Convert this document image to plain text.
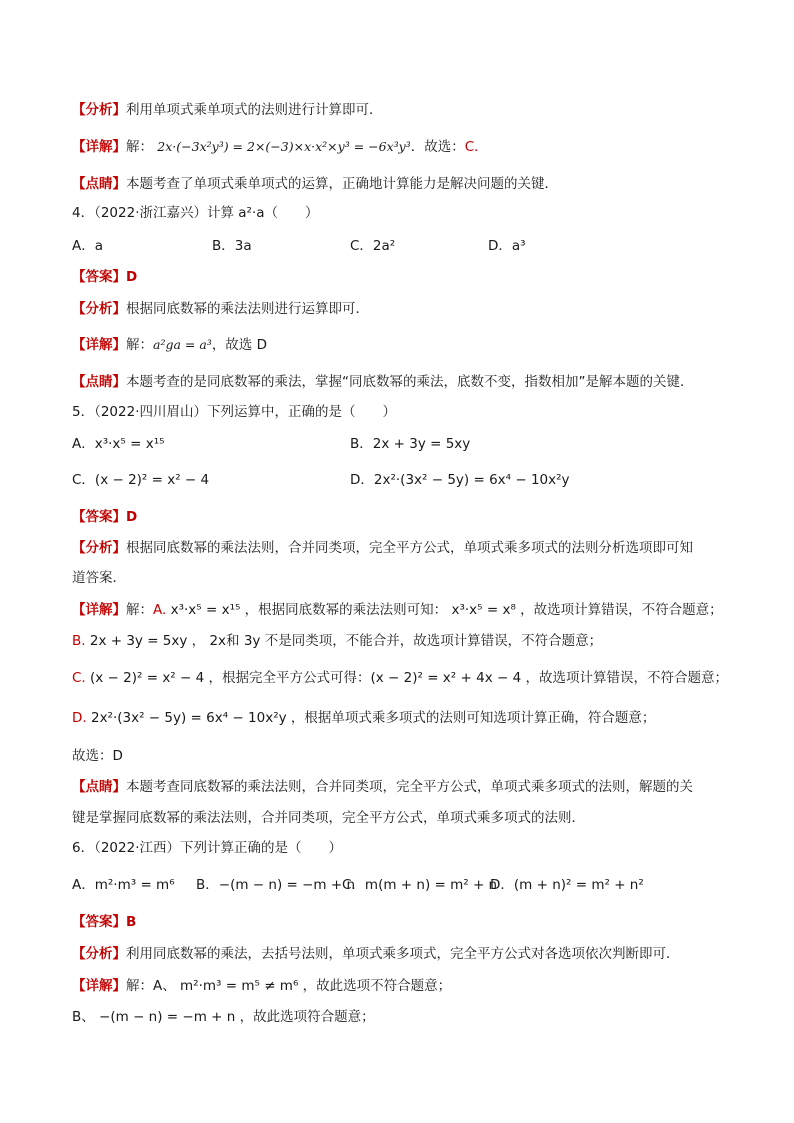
【分析】利用单项式乘单项式的法则进行计算即可．
【详解】解： 2x·(−3x²y³) = 2×(−3)×x·x²×y³ = −6x³y³．故选：C．
【点睛】本题考查了单项式乘单项式的运算，正确地计算能力是解决问题的关键．
4．（2022·浙江嘉兴）计算 a²·a（　　）
A．a	B．3a	C．2a²	D．a³
【答案】D
【分析】根据同底数幂的乘法法则进行运算即可．
【详解】解：a²ga = a³，故选 D
【点睛】本题考查的是同底数幂的乘法，掌握“同底数幂的乘法，底数不变，指数相加”是解本题的关键．
5．（2022·四川眉山）下列运算中，正确的是（　　）
A．x³·x⁵ = x¹⁵	B．2x + 3y = 5xy
C．(x − 2)² = x² − 4	D．2x²·(3x² − 5y) = 6x⁴ − 10x²y
【答案】D
【分析】根据同底数幂的乘法法则，合并同类项，完全平方公式，单项式乘多项式的法则分析选项即可知
道答案．
【详解】解：A. x³·x⁵ = x¹⁵ ，根据同底数幂的乘法法则可知： x³·x⁵ = x⁸ ，故选项计算错误，不符合题意；
B. 2x + 3y = 5xy ， 2x和 3y 不是同类项，不能合并，故选项计算错误，不符合题意；
C. (x − 2)² = x² − 4 ，根据完全平方公式可得：(x − 2)² = x² + 4x − 4 ，故选项计算错误，不符合题意；
D. 2x²·(3x² − 5y) = 6x⁴ − 10x²y ，根据单项式乘多项式的法则可知选项计算正确，符合题意；
故选：D
【点睛】本题考查同底数幂的乘法法则，合并同类项，完全平方公式，单项式乘多项式的法则，解题的关
键是掌握同底数幂的乘法法则，合并同类项，完全平方公式，单项式乘多项式的法则．
6．（2022·江西）下列计算正确的是（　　）
A．m²·m³ = m⁶ B．−(m − n) = −m + n
C．m(m + n) = m² + n
D．(m + n)² = m² + n²
【答案】B
【分析】利用同底数幂的乘法，去括号法则，单项式乘多项式，完全平方公式对各选项依次判断即可．
【详解】解：A、 m²·m³ = m⁵ ≠ m⁶ ，故此选项不符合题意；
B、 −(m − n) = −m + n ，故此选项符合题意；
